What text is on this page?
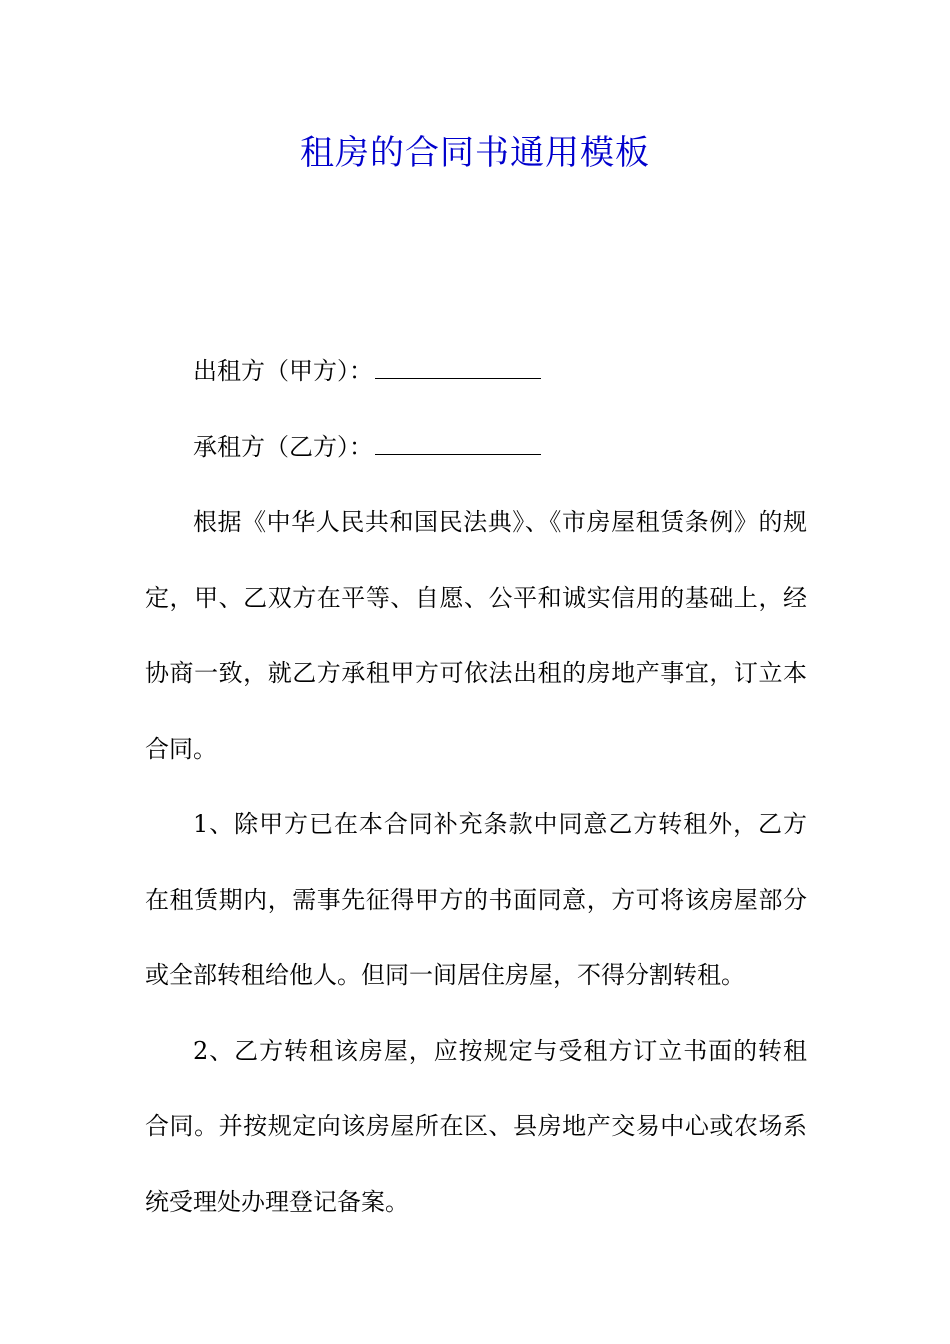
租房的合同书通用模板

出租方（甲方）：

承租方（乙方）：

根据《中华人民共和国民法典》、《市房屋租赁条例》的规定，甲、乙双方在平等、自愿、公平和诚实信用的基础上，经协商一致，就乙方承租甲方可依法出租的房地产事宜，订立本合同。

1、除甲方已在本合同补充条款中同意乙方转租外，乙方在租赁期内，需事先征得甲方的书面同意，方可将该房屋部分或全部转租给他人。但同一间居住房屋，不得分割转租。

2、乙方转租该房屋，应按规定与受租方订立书面的转租合同。并按规定向该房屋所在区、县房地产交易中心或农场系统受理处办理登记备案。
